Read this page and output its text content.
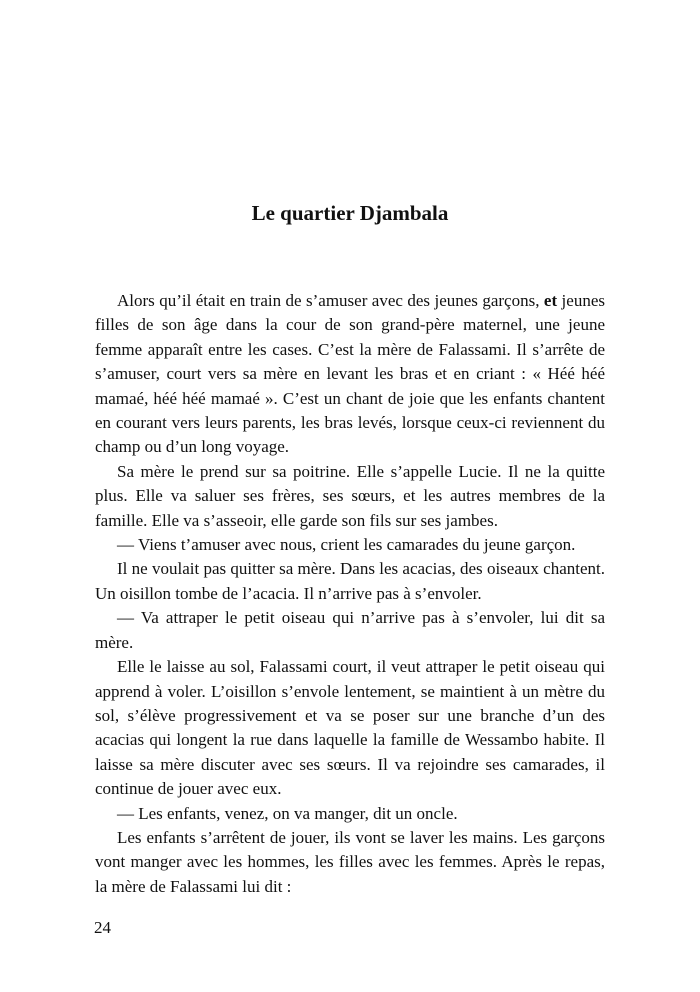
Le quartier Djambala

Alors qu’il était en train de s’amuser avec des jeunes garçons, et jeunes filles de son âge dans la cour de son grand-père maternel, une jeune femme apparaît entre les cases. C’est la mère de Falassami. Il s’arrête de s’amuser, court vers sa mère en levant les bras et en criant : « Héé héé mamaé, héé héé mamaé ». C’est un chant de joie que les enfants chantent en courant vers leurs parents, les bras levés, lorsque ceux-ci reviennent du champ ou d’un long voyage.

Sa mère le prend sur sa poitrine. Elle s’appelle Lucie. Il ne la quitte plus. Elle va saluer ses frères, ses sœurs, et les autres membres de la famille. Elle va s’asseoir, elle garde son fils sur ses jambes.

— Viens t’amuser avec nous, crient les camarades du jeune garçon.

Il ne voulait pas quitter sa mère. Dans les acacias, des oiseaux chantent. Un oisillon tombe de l’acacia. Il n’arrive pas à s’envoler.

— Va attraper le petit oiseau qui n’arrive pas à s’envoler, lui dit sa mère.

Elle le laisse au sol, Falassami court, il veut attraper le petit oiseau qui apprend à voler. L’oisillon s’envole lentement, se maintient à un mètre du sol, s’élève progressivement et va se poser sur une branche d’un des acacias qui longent la rue dans laquelle la famille de Wessambo habite. Il laisse sa mère discuter avec ses sœurs. Il va rejoindre ses camarades, il continue de jouer avec eux.

— Les enfants, venez, on va manger, dit un oncle.

Les enfants s’arrêtent de jouer, ils vont se laver les mains. Les garçons vont manger avec les hommes, les filles avec les femmes. Après le repas, la mère de Falassami lui dit :

24
